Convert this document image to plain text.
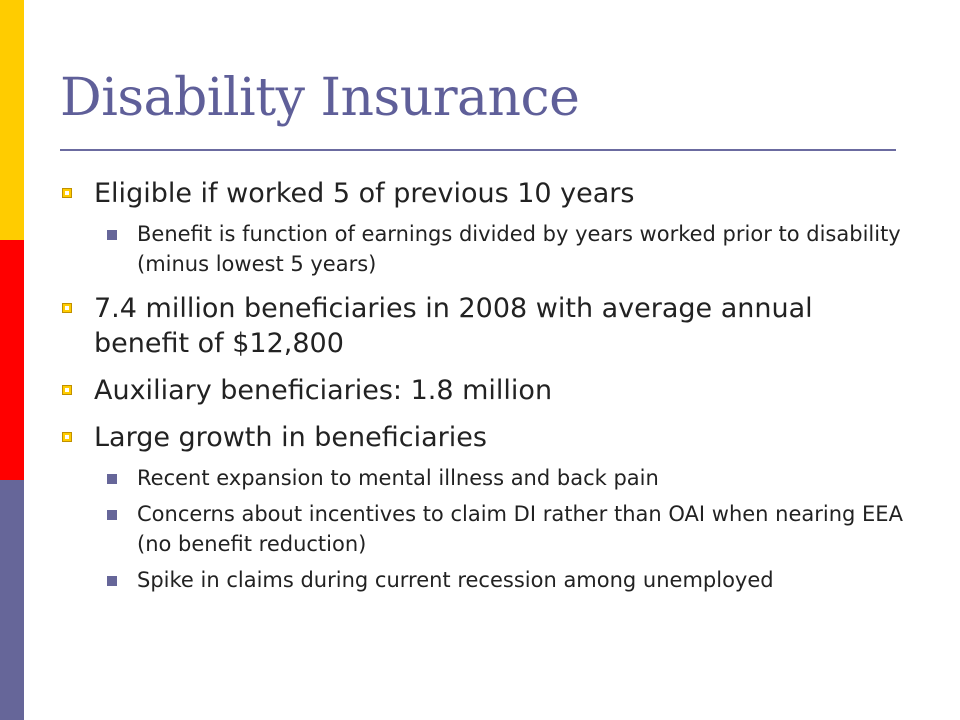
Disability Insurance
Eligible if worked 5 of previous 10 years
Benefit is function of earnings divided by years worked prior to disability (minus lowest 5 years)
7.4 million beneficiaries in 2008 with average annual benefit of $12,800
Auxiliary beneficiaries: 1.8 million
Large growth in beneficiaries
Recent expansion to mental illness and back pain
Concerns about incentives to claim DI rather than OAI when nearing EEA (no benefit reduction)
Spike in claims during current recession among unemployed
